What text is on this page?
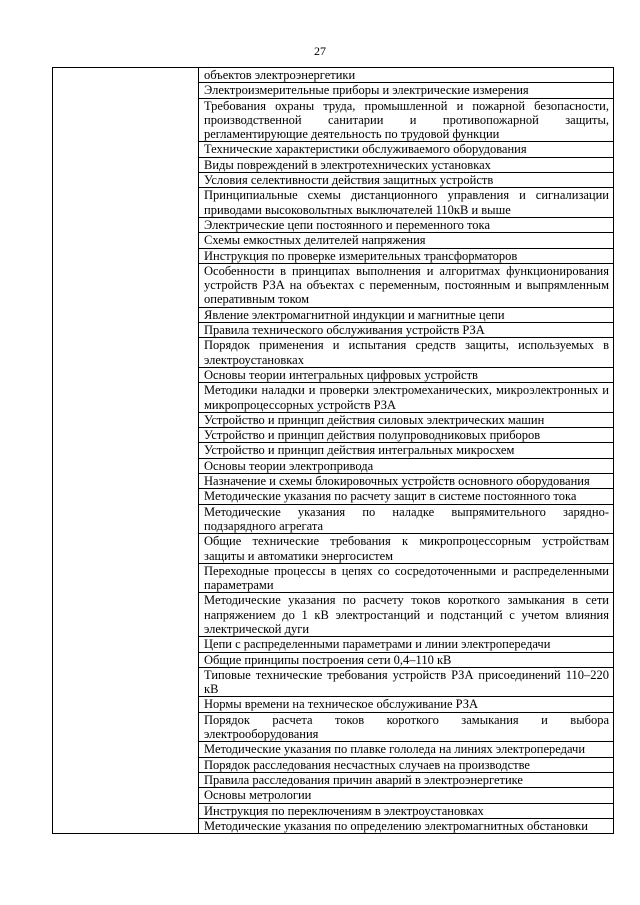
27
	объектов электроэнергетики
Электроизмерительные приборы и электрические измерения
Требования охраны труда, промышленной и пожарной безопасности, производственной санитарии и противопожарной защиты, регламентирующие деятельность по трудовой функции
Технические характеристики обслуживаемого оборудования
Виды повреждений в электротехнических установках
Условия селективности действия защитных устройств
Принципиальные схемы дистанционного управления и сигнализации приводами высоковольтных выключателей 110кВ и выше
Электрические цепи постоянного и переменного тока
Схемы емкостных делителей напряжения
Инструкция по проверке измерительных трансформаторов
Особенности в принципах выполнения и алгоритмах функционирования устройств РЗА на объектах с переменным, постоянным и выпрямленным оперативным током
Явление электромагнитной индукции и магнитные цепи
Правила технического обслуживания устройств РЗА
Порядок применения и испытания средств защиты, используемых в электроустановках
Основы теории интегральных цифровых устройств
Методики наладки и проверки электромеханических, микроэлектронных и микропроцессорных устройств РЗА
Устройство и принцип действия силовых электрических машин
Устройство и принцип действия полупроводниковых приборов
Устройство и принцип действия интегральных микросхем
Основы теории электропривода
Назначение и схемы блокировочных устройств основного оборудования
Методические указания по расчету защит в системе постоянного тока
Методические указания по наладке выпрямительного зарядно-подзарядного агрегата
Общие технические требования к микропроцессорным устройствам защиты и автоматики энергосистем
Переходные процессы в цепях со сосредоточенными и распределенными параметрами
Методические указания по расчету токов короткого замыкания в сети напряжением до 1 кВ электростанций и подстанций с учетом влияния электрической дуги
Цепи с распределенными параметрами и линии электропередачи
Общие принципы построения сети 0,4–110 кВ
Типовые технические требования устройств РЗА присоединений 110–220 кВ
Нормы времени на техническое обслуживание РЗА
Порядок расчета токов короткого замыкания и выбора электрооборудования
Методические указания по плавке гололеда на линиях электропередачи
Порядок расследования несчастных случаев на производстве
Правила расследования причин аварий в электроэнергетике
Основы метрологии
Инструкция по переключениям в электроустановках
Методические указания по определению электромагнитных обстановки
